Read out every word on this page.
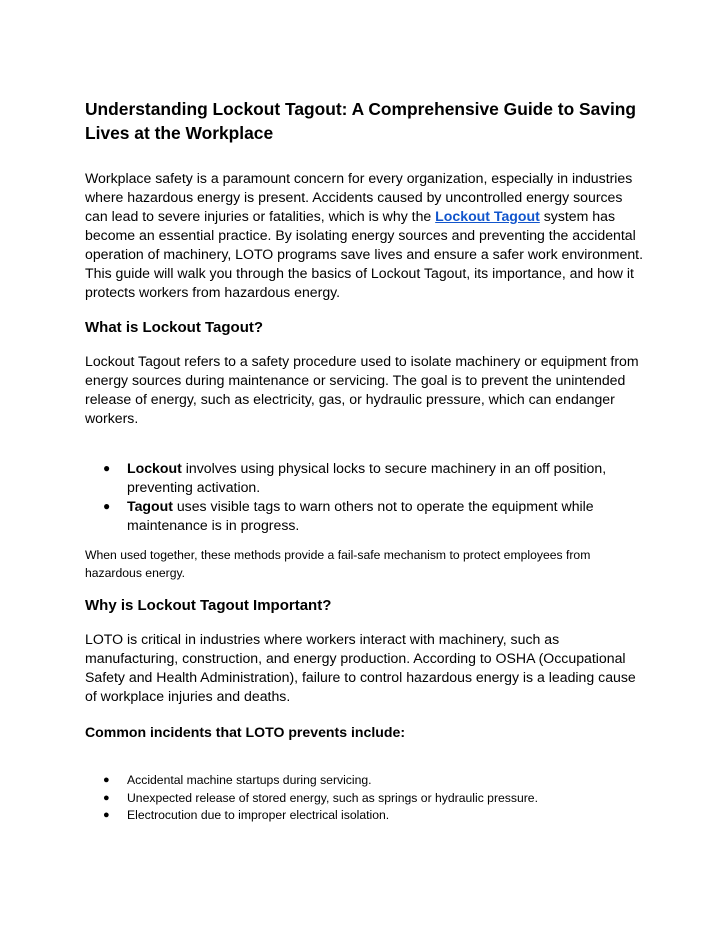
Understanding Lockout Tagout: A Comprehensive Guide to Saving Lives at the Workplace

Workplace safety is a paramount concern for every organization, especially in industries where hazardous energy is present. Accidents caused by uncontrolled energy sources can lead to severe injuries or fatalities, which is why the Lockout Tagout system has become an essential practice. By isolating energy sources and preventing the accidental operation of machinery, LOTO programs save lives and ensure a safer work environment. This guide will walk you through the basics of Lockout Tagout, its importance, and how it protects workers from hazardous energy.

What is Lockout Tagout?

Lockout Tagout refers to a safety procedure used to isolate machinery or equipment from energy sources during maintenance or servicing. The goal is to prevent the unintended release of energy, such as electricity, gas, or hydraulic pressure, which can endanger workers.

● Lockout involves using physical locks to secure machinery in an off position, preventing activation.
● Tagout uses visible tags to warn others not to operate the equipment while maintenance is in progress.

When used together, these methods provide a fail-safe mechanism to protect employees from hazardous energy.

Why is Lockout Tagout Important?

LOTO is critical in industries where workers interact with machinery, such as manufacturing, construction, and energy production. According to OSHA (Occupational Safety and Health Administration), failure to control hazardous energy is a leading cause of workplace injuries and deaths.

Common incidents that LOTO prevents include:
● Accidental machine startups during servicing.
● Unexpected release of stored energy, such as springs or hydraulic pressure.
● Electrocution due to improper electrical isolation.
